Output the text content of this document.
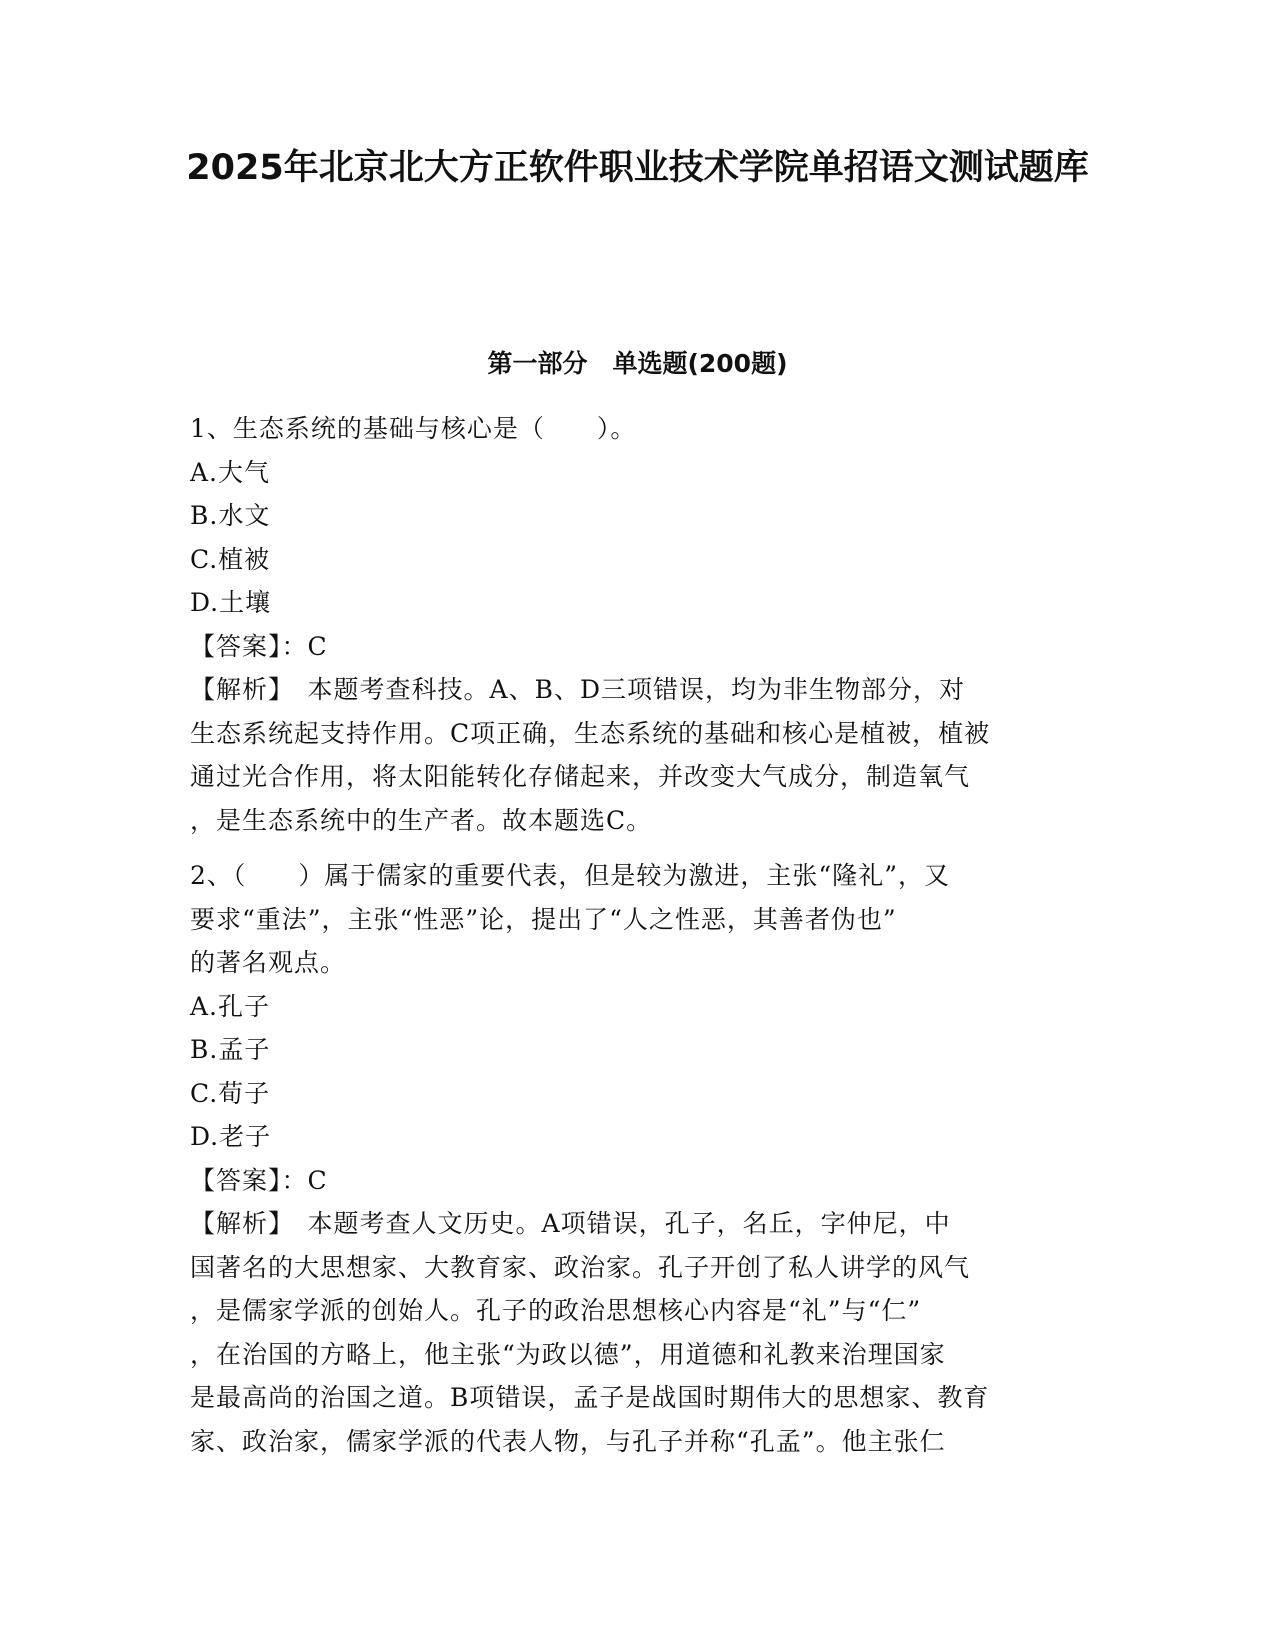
2025年北京北大方正软件职业技术学院单招语文测试题库
第一部分　单选题(200题)

1、生态系统的基础与核心是（　　）。

A.大气

B.水文

C.植被

D.土壤

【答案】：C

【解析】　本题考查科技。A、B、D三项错误，均为非生物部分，对

生态系统起支持作用。C项正确，生态系统的基础和核心是植被，植被

通过光合作用，将太阳能转化存储起来，并改变大气成分，制造氧气

，是生态系统中的生产者。故本题选C。

2、（　　）属于儒家的重要代表，但是较为激进，主张“隆礼”，又

要求“重法”，主张“性恶”论，提出了“人之性恶，其善者伪也”

的著名观点。

A.孔子

B.孟子

C.荀子

D.老子

【答案】：C

【解析】　本题考查人文历史。A项错误，孔子，名丘，字仲尼，中

国著名的大思想家、大教育家、政治家。孔子开创了私人讲学的风气

，是儒家学派的创始人。孔子的政治思想核心内容是“礼”与“仁”

，在治国的方略上，他主张“为政以德”，用道德和礼教来治理国家

是最高尚的治国之道。B项错误，孟子是战国时期伟大的思想家、教育

家、政治家，儒家学派的代表人物，与孔子并称“孔孟”。他主张仁
